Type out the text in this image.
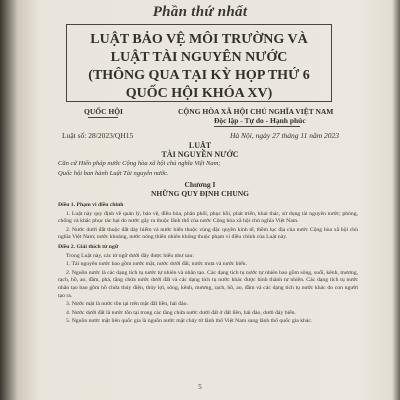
Phần thứ nhất
LUẬT BẢO VỆ MÔI TRƯỜNG VÀ
LUẬT TÀI NGUYÊN NƯỚC
(THÔNG QUA TẠI KỲ HỌP THỨ 6
QUỐC HỘI KHÓA XV)
QUỐC HỘI	CỘNG HÒA XÃ HỘI CHỦ NGHĨA VIỆT NAM
Độc lập - Tự do - Hạnh phúc
Luật số: 28/2023/QH15	Hà Nội, ngày 27 tháng 11 năm 2023
LUẬT
TÀI NGUYÊN NƯỚC
Căn cứ Hiến pháp nước Cộng hòa xã hội chủ nghĩa Việt Nam;
Quốc hội ban hành Luật Tài nguyên nước.
Chương I
NHỮNG QUY ĐỊNH CHUNG

Điều 1. Phạm vi điều chỉnh

1. Luật này quy định về quản lý, bảo vệ, điều hòa, phân phối, phục hồi, phát triển, khai thác, sử dụng tài nguyên nước; phòng, chống và khắc phục tác hại do nước gây ra thuộc lãnh thổ của nước Cộng hòa xã hội chủ nghĩa Việt Nam.

2. Nước dưới đất thuộc đất dày hiểm và nước biển thuộc vùng đặc quyền kinh tế, thềm lục địa của nước Cộng hòa xã hội chủ nghĩa Việt Nam; nước khoáng, nước nóng thiên nhiên không thuộc phạm vi điều chỉnh của Luật này.

Điều 2. Giải thích từ ngữ

Trong Luật này, các từ ngữ dưới đây được hiểu như sau:

1. Tài nguyên nước bao gồm nước mặt, nước dưới đất, nước mưa và nước biển.

2. Nguồn nước là các dạng tích tụ nước tự nhiên và nhân tạo. Các dạng tích tụ nước tự nhiên bao gồm sông, suối, kênh, mương, rạch, hồ, ao, đầm, phá, tầng chứa nước dưới đất và các dạng tích tụ nước khác được hình thành tự nhiên. Các dạng tích tụ nước nhân tạo bao gồm hồ chứa thủy điện, thủy lợi, sông, kênh, mương, rạch, hồ, ao, đầm và các dạng tích tụ nước khác do con người tạo ra.

3. Nước mặt là nước tồn tại trên mặt đất liền, hải đảo.

4. Nước dưới đất là nước tồn tại trong các tầng chứa nước dưới đất ở đất liền, hải đảo, dưới đáy biển.

5. Nguồn nước mặt liên quốc gia là nguồn nước mặt chảy từ lãnh thổ Việt Nam sang lãnh thổ quốc gia khác.

5
